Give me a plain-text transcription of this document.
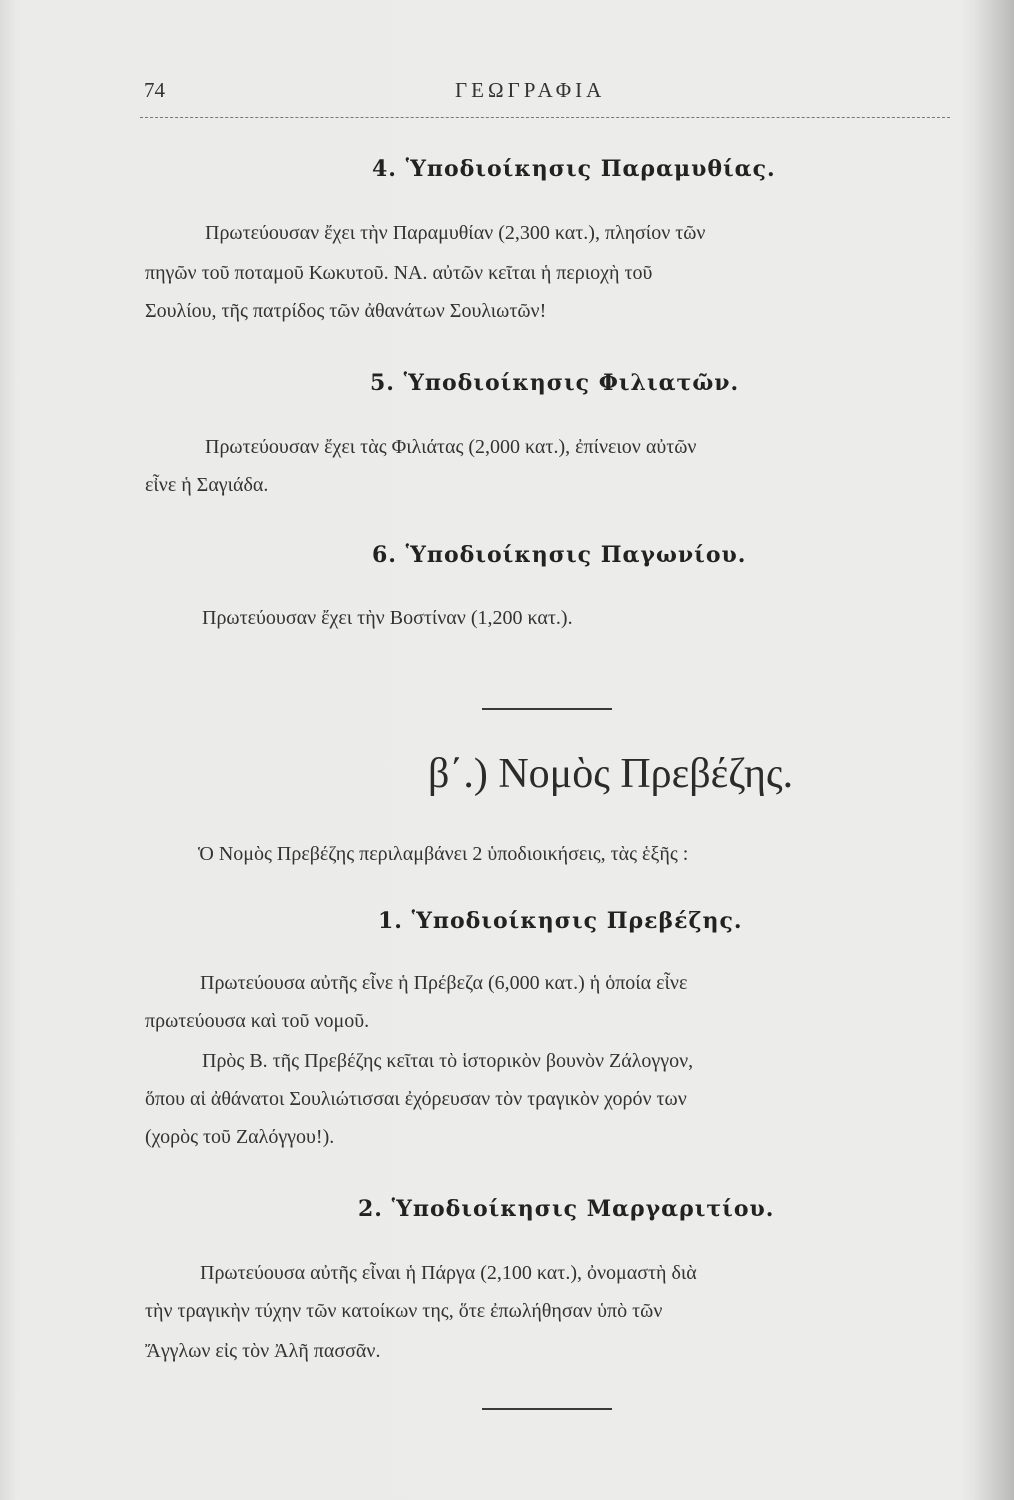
74	ΓΕΩΓΡΑΦΙΑ
4. Ὑποδιοίκησις Παραμυθίας.
Πρωτεύουσαν ἔχει τὴν Παραμυθίαν (2,300 κατ.), πλησίον τῶν
πηγῶν τοῦ ποταμοῦ Κωκυτοῦ. ΝΑ. αὐτῶν κεῖται ἡ περιοχὴ τοῦ
Σουλίου, τῆς πατρίδος τῶν ἀθανάτων Σουλιωτῶν!
5. Ὑποδιοίκησις Φιλιατῶν.
Πρωτεύουσαν ἔχει τὰς Φιλιάτας (2,000 κατ.), ἐπίνειον αὐτῶν
εἶνε ἡ Σαγιάδα.
6. Ὑποδιοίκησις Παγωνίου.
Πρωτεύουσαν ἔχει τὴν Βοστίναν (1,200 κατ.).
β΄.) Νομὸς Πρεβέζης.
Ὁ Νομὸς Πρεβέζης περιλαμβάνει 2 ὑποδιοικήσεις, τὰς ἑξῆς :
1. Ὑποδιοίκησις Πρεβέζης.
Πρωτεύουσα αὐτῆς εἶνε ἡ Πρέβεζα (6,000 κατ.) ἡ ὁποία εἶνε
πρωτεύουσα καὶ τοῦ νομοῦ.
Πρὸς Β. τῆς Πρεβέζης κεῖται τὸ ἱστορικὸν βουνὸν Ζάλογγον,
ὅπου αἱ ἀθάνατοι Σουλιώτισσαι ἐχόρευσαν τὸν τραγικὸν χορόν των
(χορὸς τοῦ Ζαλόγγου!).
2. Ὑποδιοίκησις Μαργαριτίου.
Πρωτεύουσα αὐτῆς εἶναι ἡ Πάργα (2,100 κατ.), ὀνομαστὴ διὰ
τὴν τραγικὴν τύχην τῶν κατοίκων της, ὅτε ἐπωλήθησαν ὑπὸ τῶν
Ἄγγλων εἰς τὸν Ἀλῆ πασσᾶν.
